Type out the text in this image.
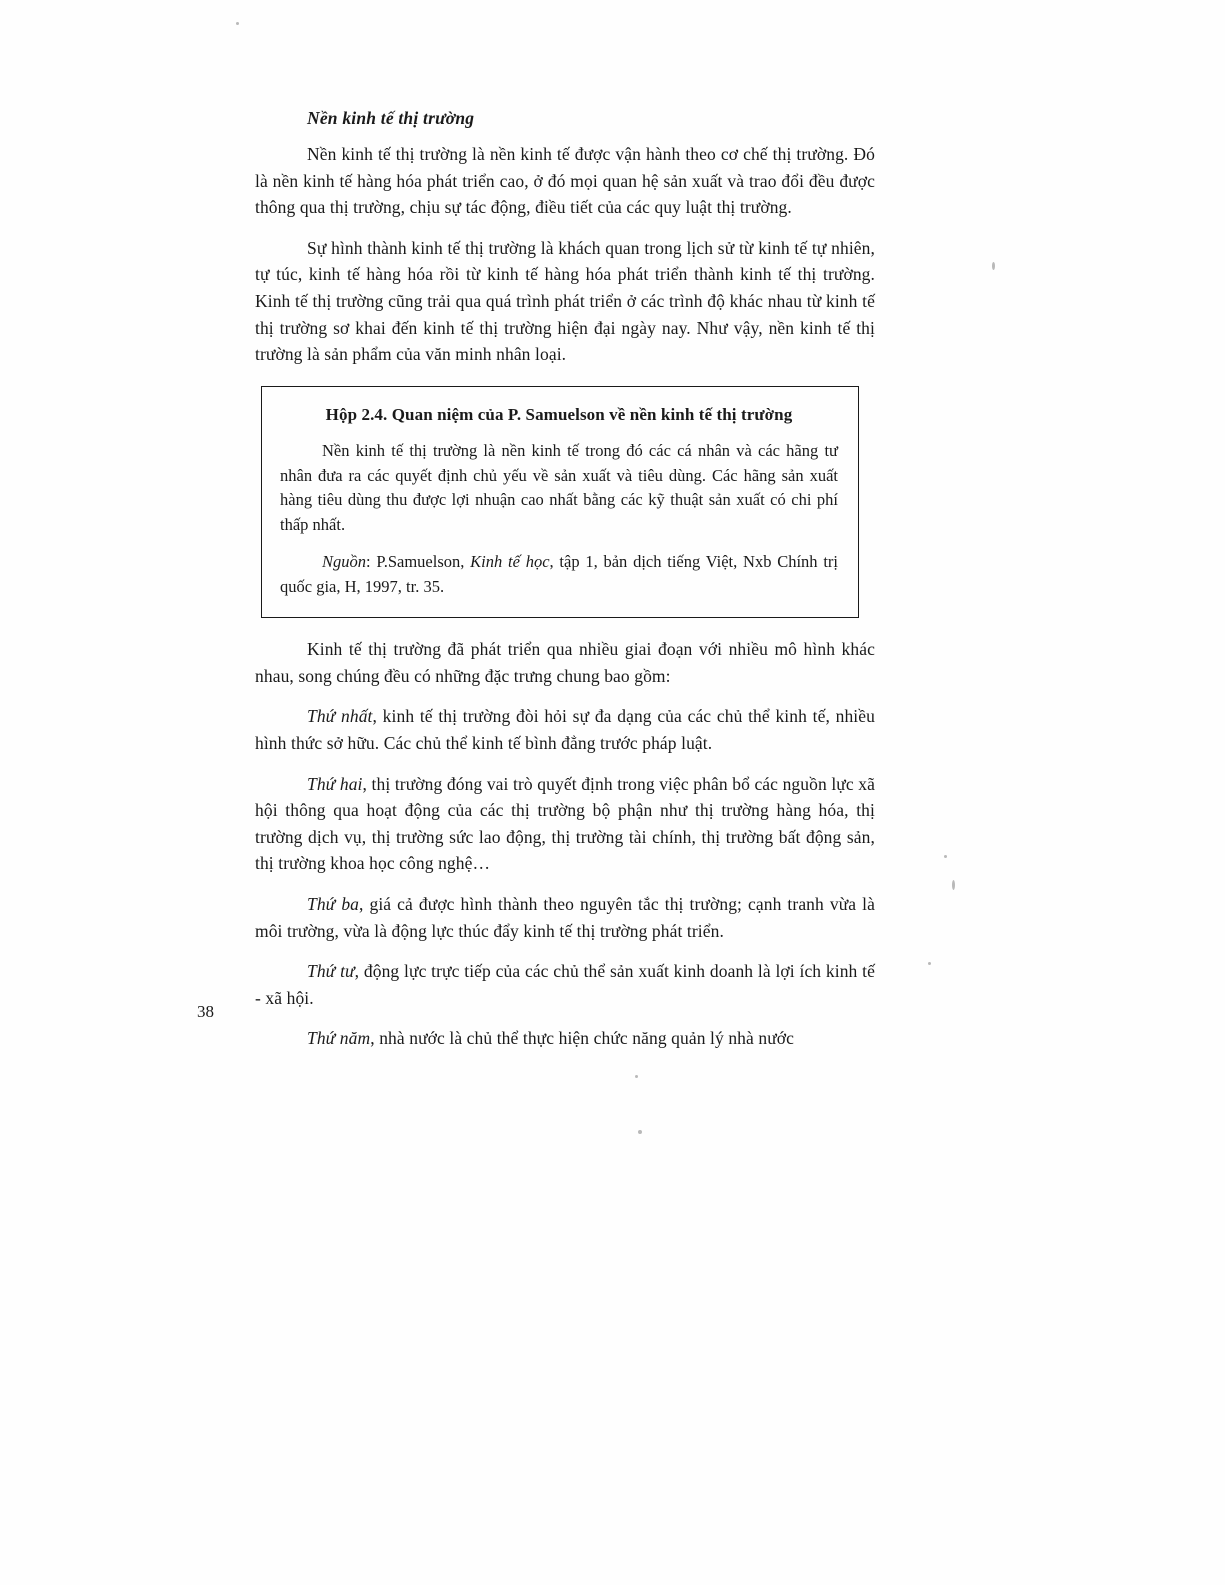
Nền kinh tế thị trường

Nền kinh tế thị trường là nền kinh tế được vận hành theo cơ chế thị trường. Đó là nền kinh tế hàng hóa phát triển cao, ở đó mọi quan hệ sản xuất và trao đổi đều được thông qua thị trường, chịu sự tác động, điều tiết của các quy luật thị trường.

Sự hình thành kinh tế thị trường là khách quan trong lịch sử từ kinh tế tự nhiên, tự túc, kinh tế hàng hóa rồi từ kinh tế hàng hóa phát triển thành kinh tế thị trường. Kinh tế thị trường cũng trải qua quá trình phát triển ở các trình độ khác nhau từ kinh tế thị trường sơ khai đến kinh tế thị trường hiện đại ngày nay. Như vậy, nền kinh tế thị trường là sản phẩm của văn minh nhân loại.

Hộp 2.4. Quan niệm của P. Samuelson về nền kinh tế thị trường

Nền kinh tế thị trường là nền kinh tế trong đó các cá nhân và các hãng tư nhân đưa ra các quyết định chủ yếu về sản xuất và tiêu dùng. Các hãng sản xuất hàng tiêu dùng thu được lợi nhuận cao nhất bằng các kỹ thuật sản xuất có chi phí thấp nhất.

Nguồn: P.Samuelson, Kinh tế học, tập 1, bản dịch tiếng Việt, Nxb Chính trị quốc gia, H, 1997, tr. 35.

Kinh tế thị trường đã phát triển qua nhiều giai đoạn với nhiều mô hình khác nhau, song chúng đều có những đặc trưng chung bao gồm:

Thứ nhất, kinh tế thị trường đòi hỏi sự đa dạng của các chủ thể kinh tế, nhiều hình thức sở hữu. Các chủ thể kinh tế bình đẳng trước pháp luật.

Thứ hai, thị trường đóng vai trò quyết định trong việc phân bổ các nguồn lực xã hội thông qua hoạt động của các thị trường bộ phận như thị trường hàng hóa, thị trường dịch vụ, thị trường sức lao động, thị trường tài chính, thị trường bất động sản, thị trường khoa học công nghệ…

Thứ ba, giá cả được hình thành theo nguyên tắc thị trường; cạnh tranh vừa là môi trường, vừa là động lực thúc đẩy kinh tế thị trường phát triển.

Thứ tư, động lực trực tiếp của các chủ thể sản xuất kinh doanh là lợi ích kinh tế - xã hội.

Thứ năm, nhà nước là chủ thể thực hiện chức năng quản lý nhà nước

38
